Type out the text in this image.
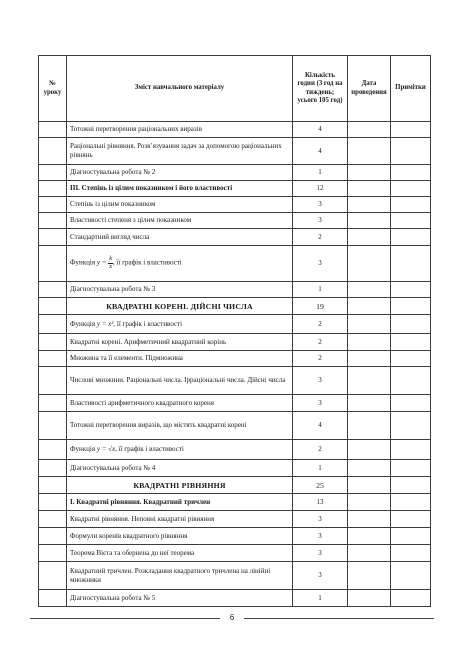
№ уроку	Зміст навчального матеріалу	Кількість годин (3 год на тиждень; усього 105 год)	Дата проведення	Примітки
	Тотожні перетворення раціональних виразів	4		
	Раціональні рівняння. Розв’язування задач за допомогою раціональних рівнянь	4		
	Діагностувальна робота № 2	1		
	ІІІ. Степінь із цілим показником і його властивості	12		
	Степінь із цілим показником	3		
	Властивості степеня з цілим показником	3		
	Стандартний вигляд числа	2		
	Функція $y = \frac{k}{x}$ , її графік і властивості	3		
	Діагностувальна робота № 3	1		
	КВАДРАТНІ КОРЕНІ. ДІЙСНІ ЧИСЛА	19		
	Функція y = x², її графік і властивості	2		
	Квадратні корені. Арифметичний квадратний корінь	2		
	Множина та її елементи. Підмножина	2		
	Числові множини. Раціональні числа. Ірраціональні числа. Дійсні числа	3		
	Властивості арифметичного квадратного кореня	3		
	Тотожні перетворення виразів, що містять квадратні корені	4		
	Функція y = √x, її графік і властивості	2		
	Діагностувальна робота № 4	1		
	КВАДРАТНІ РІВНЯННЯ	25		
	І. Квадратні рівняння. Квадратний тричлен	13		
	Квадратні рівняння. Неповні квадратні рівняння	3		
	Формули коренів квадратного рівняння	3		
	Теорема Вієта та обернена до неї теорема	3		
	Квадратний тричлен. Розкладання квадратного тричлена на лінійні множники	3		
	Діагностувальна робота № 5	1		
6
